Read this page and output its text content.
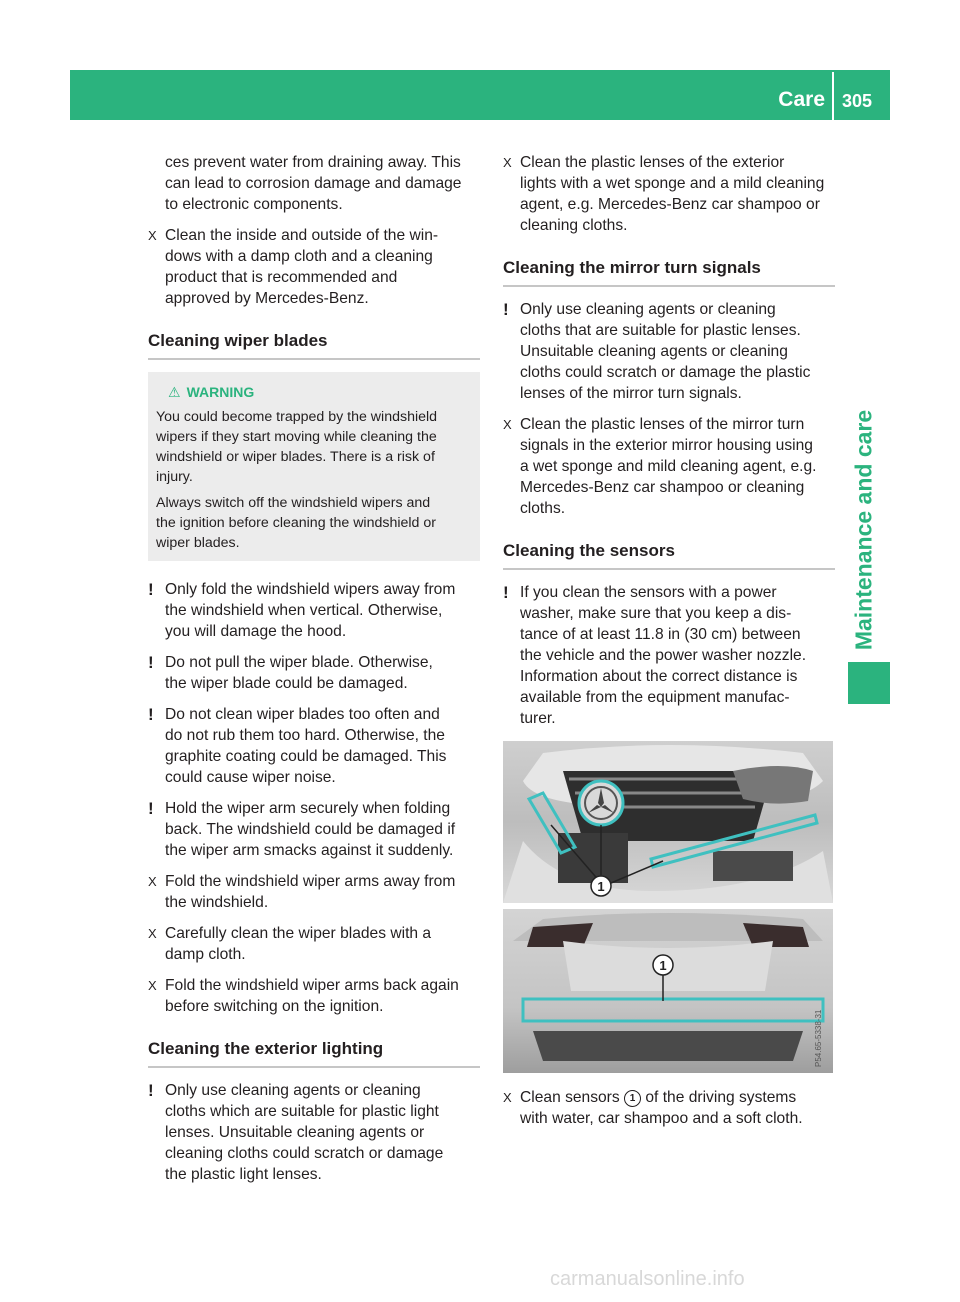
Care 305
Maintenance and care

ces prevent water from draining away. This
can lead to corrosion damage and damage
to electronic components.

X Clean the inside and outside of the win-
dows with a damp cloth and a cleaning
product that is recommended and
approved by Mercedes-Benz.

Cleaning wiper blades
⚠ WARNING

You could become trapped by the windshield
wipers if they start moving while cleaning the
windshield or wiper blades. There is a risk of
injury.

Always switch off the windshield wipers and
the ignition before cleaning the windshield or
wiper blades.

! Only fold the windshield wipers away from
the windshield when vertical. Otherwise,
you will damage the hood.

! Do not pull the wiper blade. Otherwise,
the wiper blade could be damaged.

! Do not clean wiper blades too often and
do not rub them too hard. Otherwise, the
graphite coating could be damaged. This
could cause wiper noise.

! Hold the wiper arm securely when folding
back. The windshield could be damaged if
the wiper arm smacks against it suddenly.

X Fold the windshield wiper arms away from
the windshield.

X Carefully clean the wiper blades with a
damp cloth.

X Fold the windshield wiper arms back again
before switching on the ignition.

Cleaning the exterior lighting

! Only use cleaning agents or cleaning
cloths which are suitable for plastic light
lenses. Unsuitable cleaning agents or
cleaning cloths could scratch or damage
the plastic light lenses.

X Clean the plastic lenses of the exterior
lights with a wet sponge and a mild cleaning
agent, e.g. Mercedes-Benz car shampoo or
cleaning cloths.

Cleaning the mirror turn signals

! Only use cleaning agents or cleaning
cloths that are suitable for plastic lenses.
Unsuitable cleaning agents or cleaning
cloths could scratch or damage the plastic
lenses of the mirror turn signals.

X Clean the plastic lenses of the mirror turn
signals in the exterior mirror housing using
a wet sponge and mild cleaning agent, e.g.
Mercedes-Benz car shampoo or cleaning
cloths.

Cleaning the sensors

! If you clean the sensors with a power
washer, make sure that you keep a dis-
tance of at least 11.8 in (30 cm) between
the vehicle and the power washer nozzle.
Information about the correct distance is
available from the equipment manufac-
turer.

1
1
P54.65-5338-31

X Clean sensors 1 of the driving systems
with water, car shampoo and a soft cloth.

carmanualsonline.info
